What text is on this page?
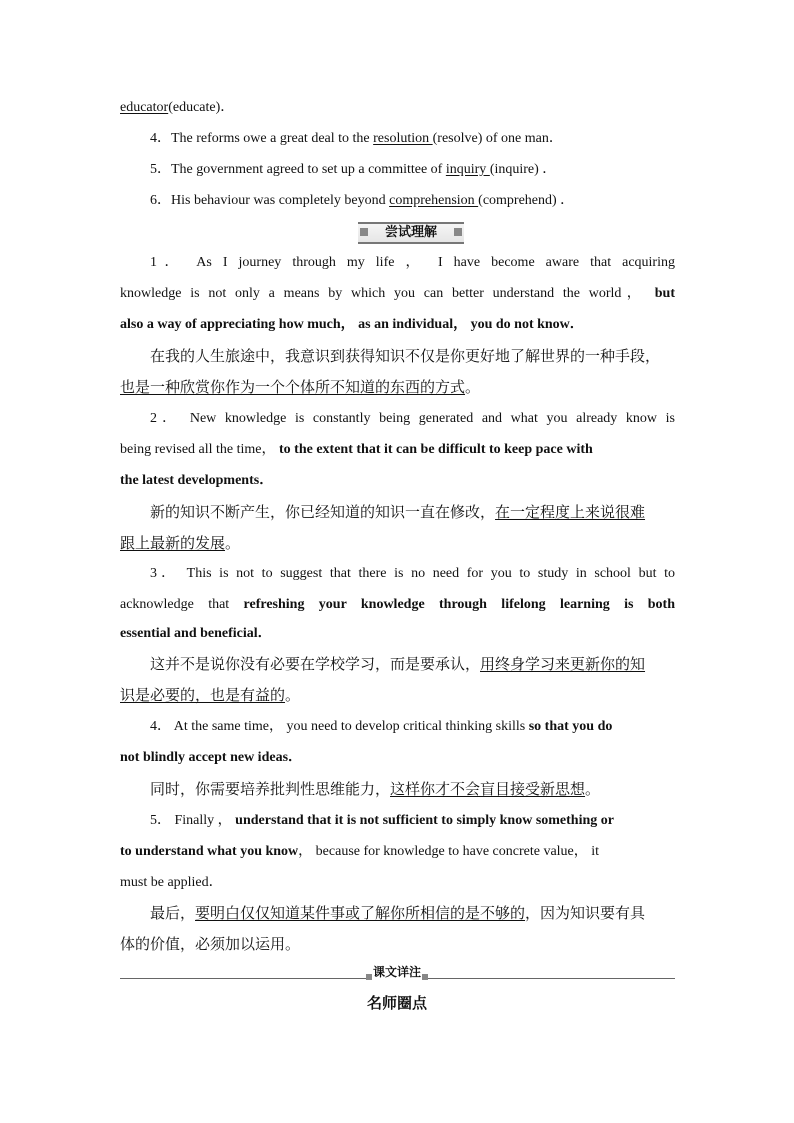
educator(educate)．
4．The reforms owe a great deal to the resolution (resolve) of one man．
5．The government agreed to set up a committee of inquiry (inquire) ．
6．His behaviour was completely beyond comprehension (comprehend) ．
尝试理解
1． As I journey through my life ， I have become aware that acquiring
knowledge is not only a means by which you can better understand the world， but
also a way of appreciating how much， as an individual， you do not know．
在我的人生旅途中，我意识到获得知识不仅是你更好地了解世界的一种手段，
也是一种欣赏你作为一个个体所不知道的东西的方式。
2． New knowledge is constantly being generated and what you already know is
being revised all the time， to the extent that it can be difficult to keep pace with
the latest developments．
新的知识不断产生，你已经知道的知识一直在修改，在一定程度上来说很难
跟上最新的发展。
3． This is not to suggest that there is no need for you to study in school but to
acknowledge that refreshing your knowledge through lifelong learning is both
essential and beneficial．
这并不是说你没有必要在学校学习，而是要承认，用终身学习来更新你的知
识是必要的，也是有益的。
4． At the same time， you need to develop critical thinking skills so that you do
not blindly accept new ideas．
同时，你需要培养批判性思维能力，这样你才不会盲目接受新思想。
5． Finally ， understand that it is not sufficient to simply know something or
to understand what you know， because for knowledge to have concrete value， it
must be applied．
最后，要明白仅仅知道某件事或了解你所相信的是不够的，因为知识要有具
体的价值，必须加以运用。
课文详注
名师圈点
